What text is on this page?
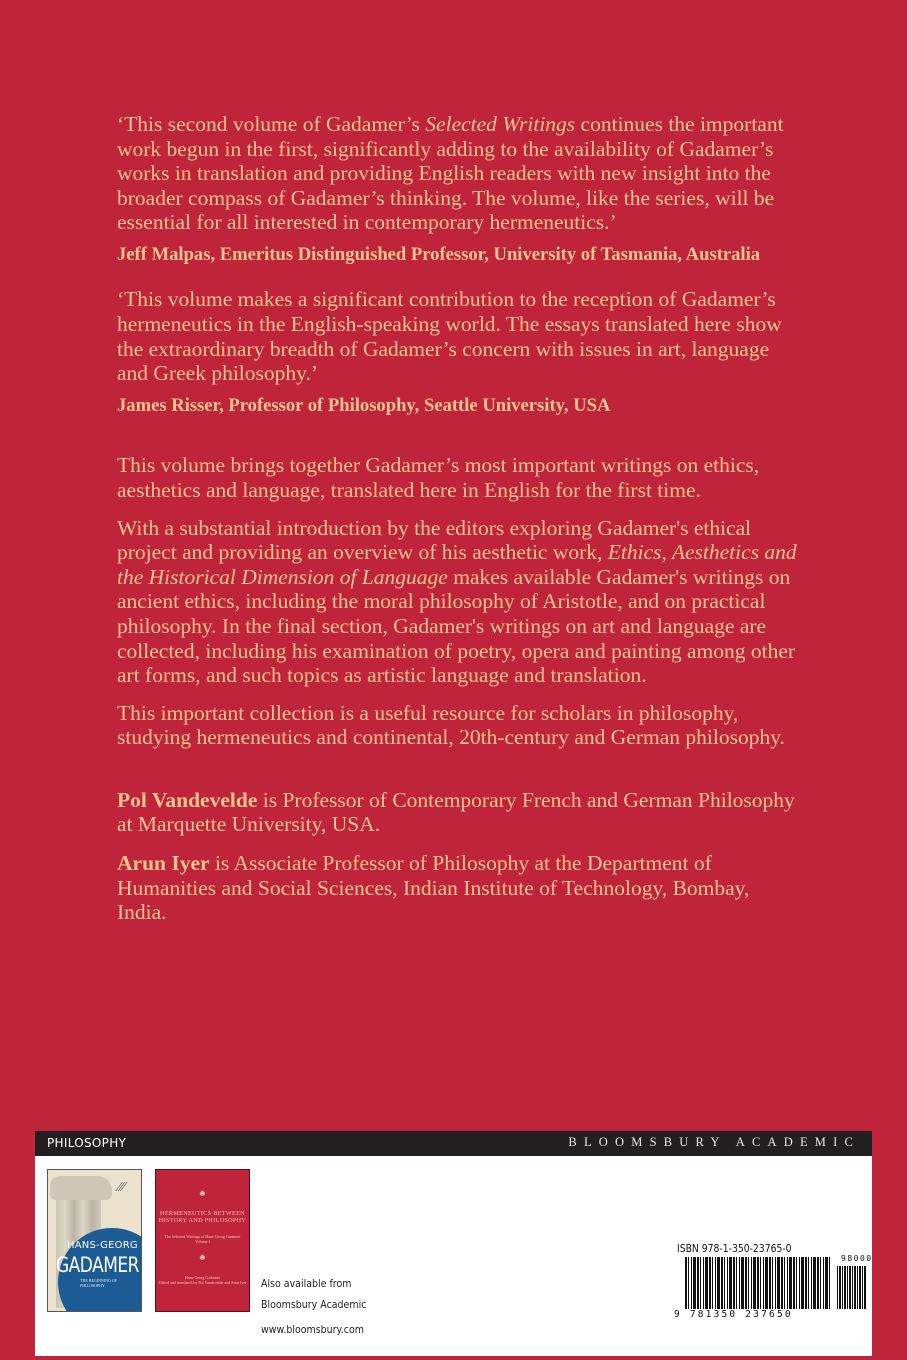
‘This second volume of Gadamer’s Selected Writings continues the important work begun in the first, significantly adding to the availability of Gadamer’s works in translation and providing English readers with new insight into the broader compass of Gadamer’s thinking. The volume, like the series, will be essential for all interested in contemporary hermeneutics.’

Jeff Malpas, Emeritus Distinguished Professor, University of Tasmania, Australia

‘This volume makes a significant contribution to the reception of Gadamer’s hermeneutics in the English-speaking world. The essays translated here show the extraordinary breadth of Gadamer’s concern with issues in art, language and Greek philosophy.’

James Risser, Professor of Philosophy, Seattle University, USA

This volume brings together Gadamer’s most important writings on ethics, aesthetics and language, translated here in English for the first time.

With a substantial introduction by the editors exploring Gadamer's ethical project and providing an overview of his aesthetic work, Ethics, Aesthetics and the Historical Dimension of Language makes available Gadamer's writings on ancient ethics, including the moral philosophy of Aristotle, and on practical philosophy. In the final section, Gadamer's writings on art and language are collected, including his examination of poetry, opera and painting among other art forms, and such topics as artistic language and translation.

This important collection is a useful resource for scholars in philosophy, studying hermeneutics and continental, 20th-century and German philosophy.

Pol Vandevelde is Professor of Contemporary French and German Philosophy at Marquette University, USA.

Arun Iyer is Associate Professor of Philosophy at the Department of Humanities and Social Sciences, Indian Institute of Technology, Bombay, India.

PHILOSOPHY	BLOOMSBURY ACADEMIC
⁄⁄⁄
HANS-GEORG
GADAMER
THE BEGINNING OF PHILOSOPHY
♣
HERMENEUTICS BETWEEN HISTORY AND PHILOSOPHY
The Selected Writings of Hans-Georg Gadamer
Volume I
♣
Hans-Georg Gadamer
Edited and translated by Pol Vandevelde and Arun Iyer Also available from
Bloomsbury Academic
www.bloomsbury.com
ISBN 978-1-350-23765-0
98000
9 781350 237650
